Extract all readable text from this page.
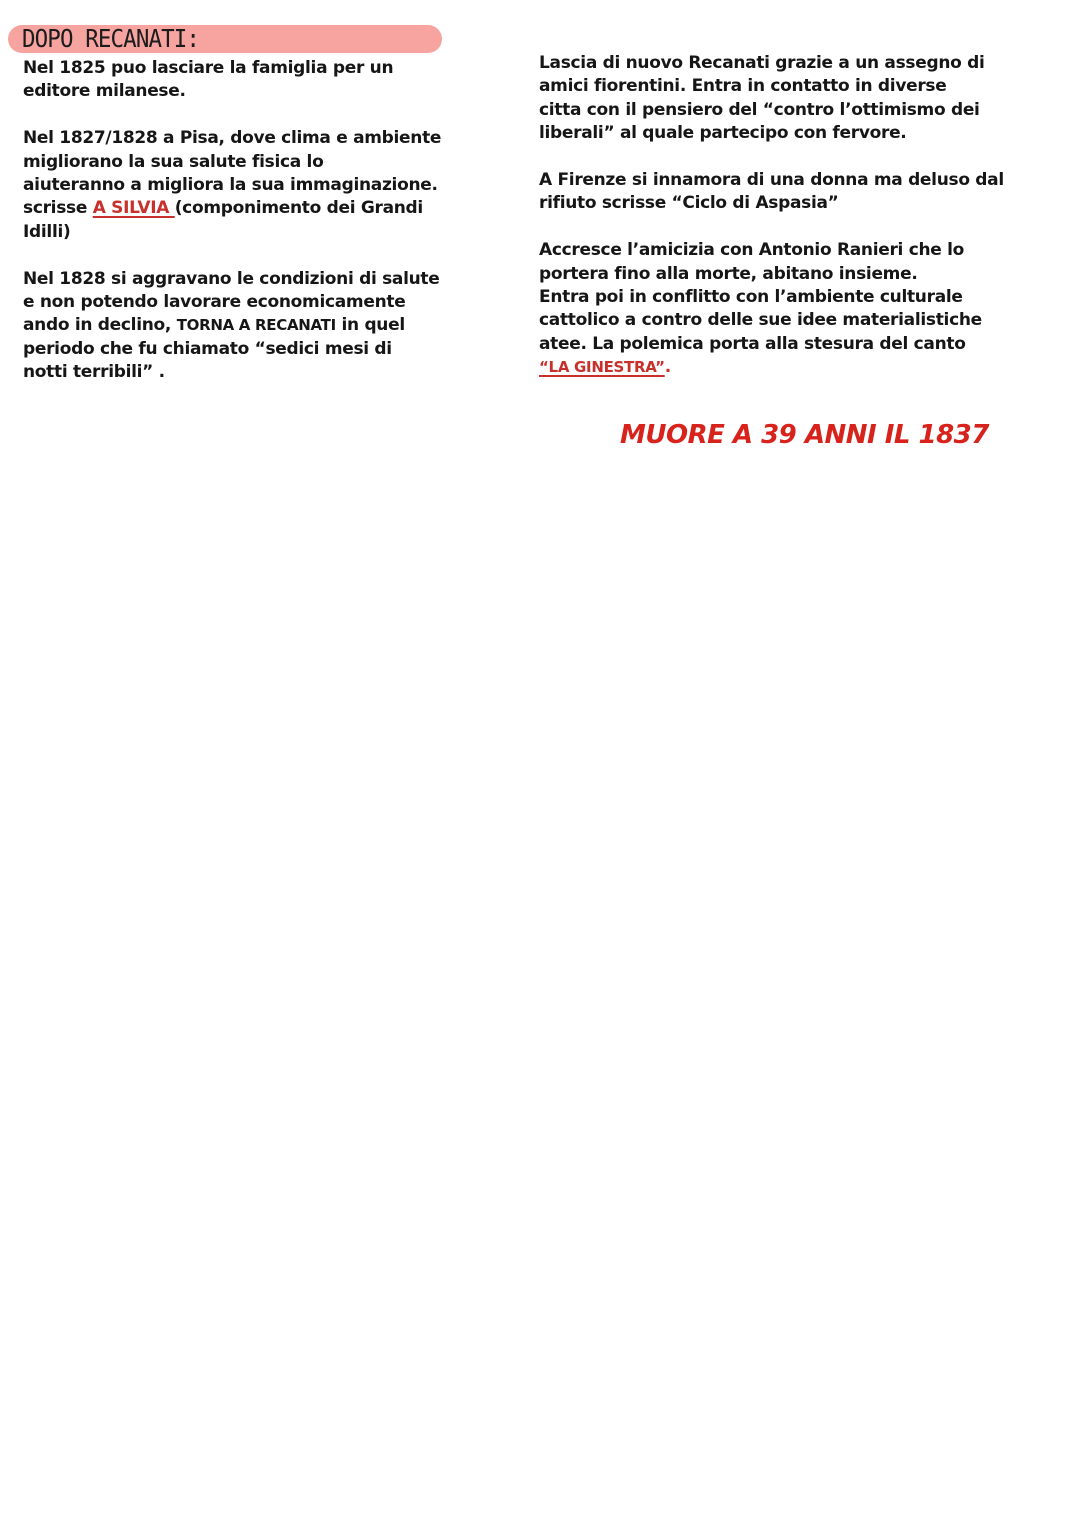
DOPO RECANATI:
Nel 1825 puo lasciare la famiglia per un
editore milanese.
Nel 1827/1828 a Pisa, dove clima e ambiente
migliorano la sua salute fisica lo
aiuteranno a migliora la sua immaginazione.
scrisse A SILVIA (componimento dei Grandi
Idilli)
Nel 1828 si aggravano le condizioni di salute
e non potendo lavorare economicamente
ando in declino, TORNA A RECANATI in quel
periodo che fu chiamato “sedici mesi di
notti terribili” .
Lascia di nuovo Recanati grazie a un assegno di
amici fiorentini. Entra in contatto in diverse
citta con il pensiero del “contro l’ottimismo dei
liberali” al quale partecipo con fervore.
A Firenze si innamora di una donna ma deluso dal
rifiuto scrisse “Ciclo di Aspasia”
Accresce l’amicizia con Antonio Ranieri che lo
portera fino alla morte, abitano insieme.
Entra poi in conflitto con l’ambiente culturale
cattolico a contro delle sue idee materialistiche
atee. La polemica porta alla stesura del canto
“LA GINESTRA”.
MUORE A 39 ANNI IL 1837
